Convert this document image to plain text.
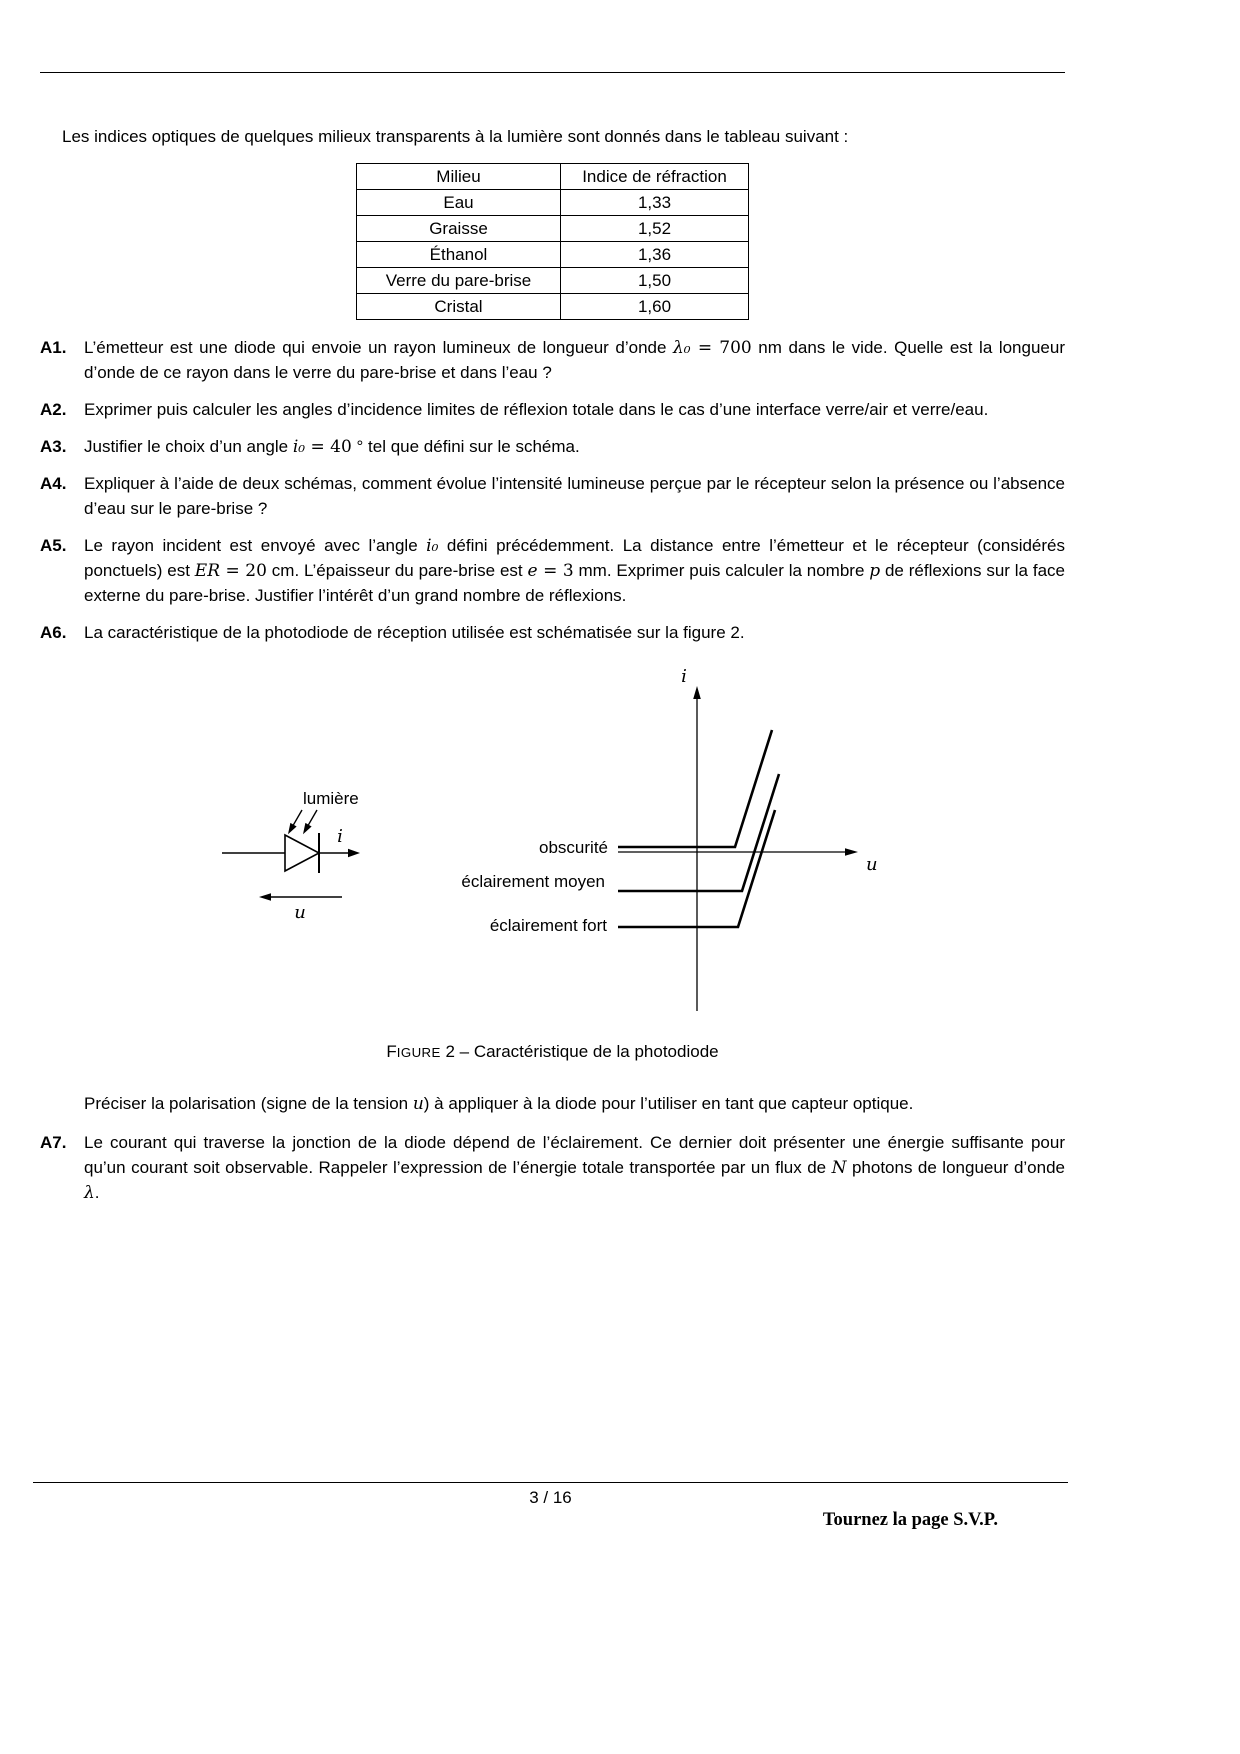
Les indices optiques de quelques milieux transparents à la lumière sont donnés dans le tableau suivant :

Milieu	Indice de réfraction
Eau	1,33
Graisse	1,52
Éthanol	1,36
Verre du pare-brise	1,50
Cristal	1,60
A1.	L’émetteur est une diode qui envoie un rayon lumineux de longueur d’onde λ₀ = 700 nm dans le vide. Quelle est la longueur d’onde de ce rayon dans le verre du pare-brise et dans l’eau ?
A2.	Exprimer puis calculer les angles d’incidence limites de réflexion totale dans le cas d’une interface verre/air et verre/eau.
A3.	Justifier le choix d’un angle i₀ = 40 ° tel que défini sur le schéma.
A4.	Expliquer à l’aide de deux schémas, comment évolue l’intensité lumineuse perçue par le récepteur selon la présence ou l’absence d’eau sur le pare-brise ?
A5.	Le rayon incident est envoyé avec l’angle i₀ défini précédemment. La distance entre l’émetteur et le récepteur (considérés ponctuels) est ER = 20 cm. L’épaisseur du pare-brise est e = 3 mm. Exprimer puis calculer la nombre p de réflexions sur la face externe du pare-brise. Justifier l’intérêt d’un grand nombre de réflexions.
A6.	La caractéristique de la photodiode de réception utilisée est schématisée sur la figure 2.
lumière
i
u
i
u
obscurité
éclairement moyen
éclairement fort
FIGURE 2 – Caractéristique de la photodiode

Préciser la polarisation (signe de la tension u) à appliquer à la diode pour l’utiliser en tant que capteur optique.

A7.	Le courant qui traverse la jonction de la diode dépend de l’éclairement. Ce dernier doit présenter une énergie suffisante pour qu’un courant soit observable. Rappeler l’expression de l’énergie totale transportée par un flux de N photons de longueur d’onde λ.
3 / 16
Tournez la page S.V.P.
